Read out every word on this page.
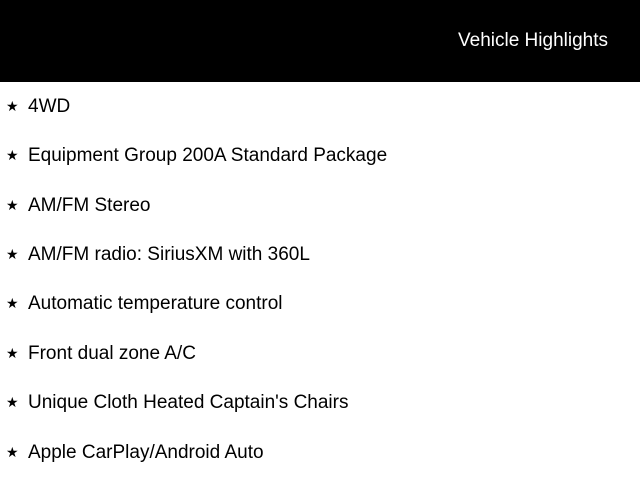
Vehicle Highlights
★ 4WD
★ Equipment Group 200A Standard Package
★ AM/FM Stereo
★ AM/FM radio: SiriusXM with 360L
★ Automatic temperature control
★ Front dual zone A/C
★ Unique Cloth Heated Captain's Chairs
★ Apple CarPlay/Android Auto
